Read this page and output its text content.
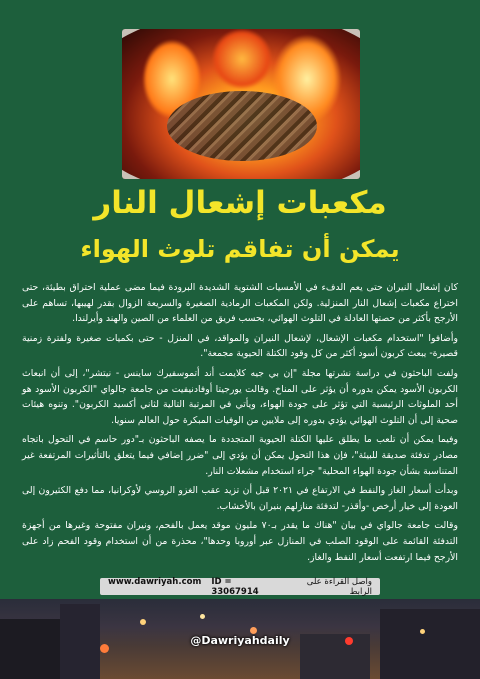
مكعبات إشعال النار
يمكن أن تفاقم تلوث الهواء

كان إشعال النيران حتى يعم الدفء في الأمسيات الشتوية الشديدة البرودة فيما مضى عملية احتراق بطيئة، حتى اختراع مكعبات إشعال النار المنزلية. ولكن المكعبات الرمادية الصغيرة والسريعة الزوال بقدر لهيبها، تساهم على الأرجح بأكثر من حصتها العادلة في التلوث الهوائي، بحسب فريق من العلماء من الصين والهند وأيرلندا.

وأضافوا "استخدام مكعبات الإشعال، لإشعال النيران والمواقد، في المنزل - حتى بكميات صغيرة ولفترة زمنية قصيرة- يبعث كربون أسود أكثر من كل وقود الكتلة الحيوية مجمعة".

ولفت الباحثون في دراسة نشرتها مجلة "إن بي جيه كلايمت أند أتموسفيرك ساينس - نيتشر"، إلى أن انبعاث الكربون الأسود يمكن بدوره أن يؤثر على المناخ. وقالت يورجيتا أوفادنيفيت من جامعة جالواي "الكربون الأسود هو أحد الملوثات الرئيسية التي تؤثر على جودة الهواء، ويأتي في المرتبة التالية لثاني أكسيد الكربون". وتنوه هيئات صحية إلى أن التلوث الهوائي يؤدي بدوره إلى ملايين من الوفيات المبكرة حول العالم سنويا.

وفيما يمكن أن تلعب ما يطلق عليها الكتلة الحيوية المتجددة ما يصفه الباحثون بـ"دور حاسم في التحول باتجاه مصادر تدفئة صديقة للبيئة"، فإن هذا التحول يمكن أن يؤدي إلى "ضرر إضافي فيما يتعلق بالتأثيرات المرتفعة غير المتناسبة بشأن جودة الهواء المحلية" جراء استخدام مشعلات النار.

وبدأت أسعار الغاز والنفط في الارتفاع في ٢٠٢١ قبل أن تزيد عقب الغزو الروسي لأوكرانيا، مما دفع الكثيرون إلى العودة إلى خيار أرخص -وأقذر- لتدفئة منازلهم بنيران بالأخشاب.

وقالت جامعة جالواي في بيان "هناك ما يقدر بـ٧٠ مليون موقد يعمل بالفحم، ونيران مفتوحة وغيرها من أجهزة التدفئة القائمة على الوقود الصلب في المنازل عبر أوروبا وحدها"، محذرة من أن استخدام وقود الفحم زاد على الأرجح فيما ارتفعت أسعار النفط والغاز.

www.dawriyah.com ID = 33067914
واصل القراءة على الرابط
@Dawriyahdaily
